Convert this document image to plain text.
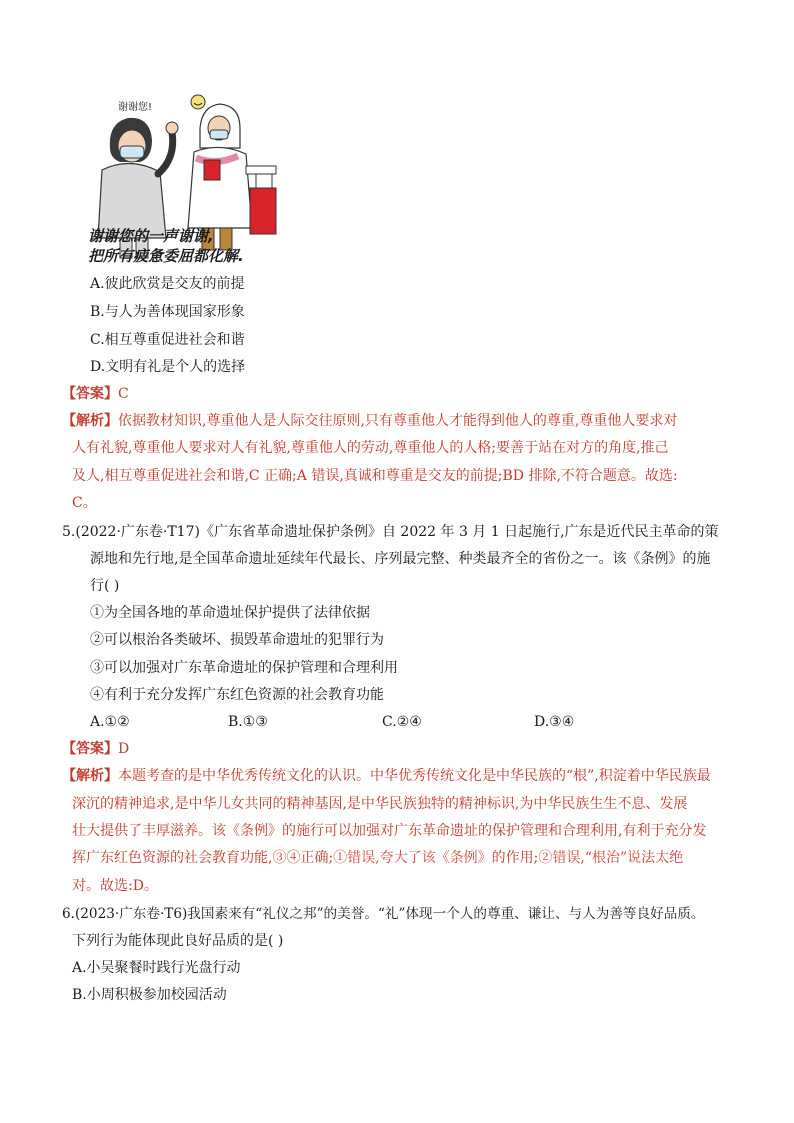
谢谢您!
谢谢您的一声谢谢,
把所有疲惫委屈都化解.
A.彼此欣赏是交友的前提
B.与人为善体现国家形象
C.相互尊重促进社会和谐
D.文明有礼是个人的选择
【答案】C
【解析】依据教材知识,尊重他人是人际交往原则,只有尊重他人才能得到他人的尊重,尊重他人要求对
人有礼貌,尊重他人要求对人有礼貌,尊重他人的劳动,尊重他人的人格;要善于站在对方的角度,推己
及人,相互尊重促进社会和谐,C 正确;A 错误,真诚和尊重是交友的前提;BD 排除,不符合题意。故选:
C。
5.(2022·广东卷·T17)《广东省革命遗址保护条例》自 2022 年 3 月 1 日起施行,广东是近代民主革命的策
源地和先行地,是全国革命遗址延续年代最长、序列最完整、种类最齐全的省份之一。该《条例》的施
行( )
①为全国各地的革命遗址保护提供了法律依据
②可以根治各类破坏、损毁革命遗址的犯罪行为
③可以加强对广东革命遗址的保护管理和合理利用
④有利于充分发挥广东红色资源的社会教育功能
A.①②	B.①③	C.②④	D.③④
【答案】D
【解析】本题考查的是中华优秀传统文化的认识。中华优秀传统文化是中华民族的“根”,积淀着中华民族最
深沉的精神追求,是中华儿女共同的精神基因,是中华民族独特的精神标识,为中华民族生生不息、发展
壮大提供了丰厚滋养。该《条例》的施行可以加强对广东革命遗址的保护管理和合理利用,有利于充分发
挥广东红色资源的社会教育功能,③④正确;①错误,夸大了该《条例》的作用;②错误,“根治”说法太绝
对。故选:D。
6.(2023·广东卷·T6)我国素来有“礼仪之邦”的美誉。“礼”体现一个人的尊重、谦让、与人为善等良好品质。
下列行为能体现此良好品质的是( )
A.小吴聚餐时践行光盘行动
B.小周积极参加校园活动
